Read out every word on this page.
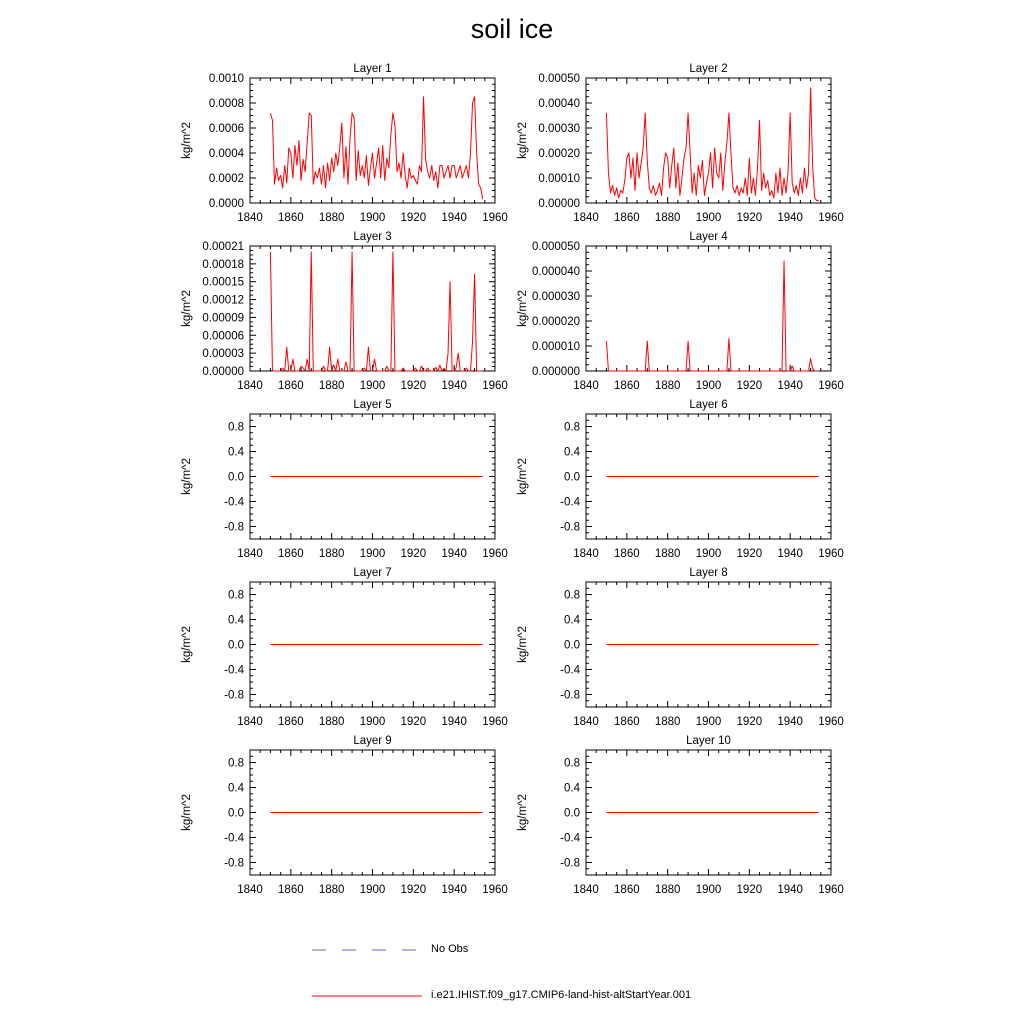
soil ice
Layer 1
kg/m^2
1840 1860 1880 1900 1920 1940 1960
0.0000
0.0002
0.0004
0.0006
0.0008
0.0010
Layer 2
kg/m^2
1840 1860 1880 1900 1920 1940 1960
0.00000
0.00010
0.00020
0.00030
0.00040
0.00050
Layer 3
kg/m^2
1840 1860 1880 1900 1920 1940 1960
0.00000
0.00003
0.00006
0.00009
0.00012
0.00015
0.00018
0.00021
Layer 4
kg/m^2
1840 1860 1880 1900 1920 1940 1960
0.000000
0.000010
0.000020
0.000030
0.000040
0.000050
Layer 5
kg/m^2
1840 1860 1880 1900 1920 1940 1960
-0.8
-0.4
0.0
0.4
0.8
Layer 6
kg/m^2
1840 1860 1880 1900 1920 1940 1960
-0.8
-0.4
0.0
0.4
0.8
Layer 7
kg/m^2
1840 1860 1880 1900 1920 1940 1960
-0.8
-0.4
0.0
0.4
0.8
Layer 8
kg/m^2
1840 1860 1880 1900 1920 1940 1960
-0.8
-0.4
0.0
0.4
0.8
Layer 9
kg/m^2
1840 1860 1880 1900 1920 1940 1960
-0.8
-0.4
0.0
0.4
0.8
Layer 10
kg/m^2
1840 1860 1880 1900 1920 1940 1960
-0.8
-0.4
0.0
0.4
0.8
No Obs
i.e21.IHIST.f09_g17.CMIP6-land-hist-altStartYear.001
